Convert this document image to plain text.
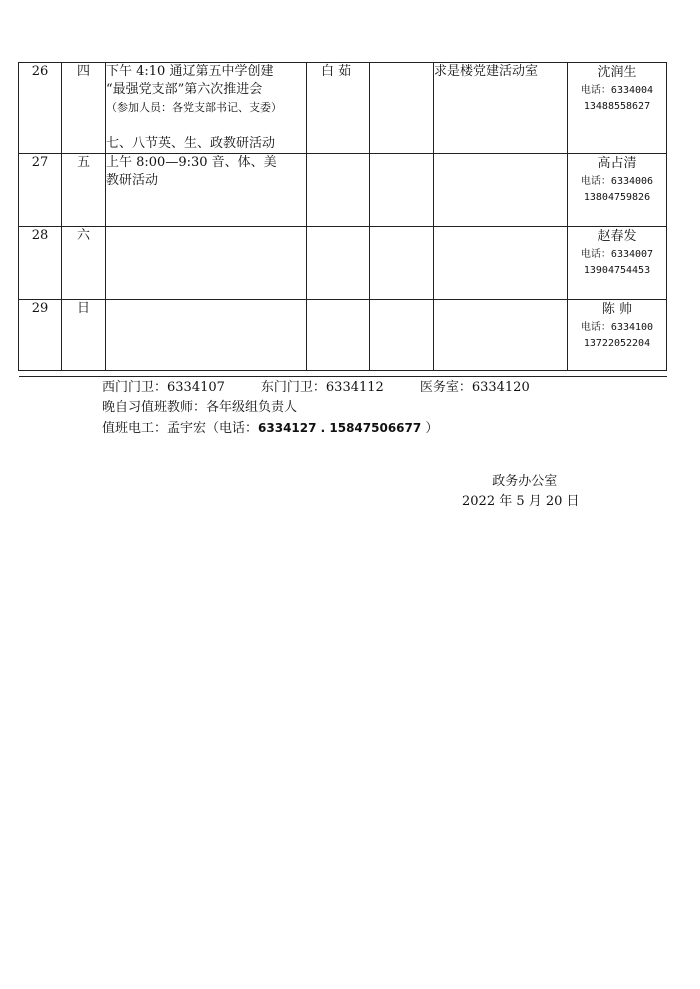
26	四	下午 4:10 通辽第五中学创建
“最强党支部”第六次推进会
（参加人员：各党支部书记、支委）
七、八节英、生、政教研活动	白 茹		求是楼党建活动室	沈润生
电话：6334004
13488558627

27	五	上午 8:00—9:30 音、体、美
教研活动				高占清
电话：6334006
13804759826

28	六					赵春发
电话：6334007
13904754453

29	日					陈 帅
电话：6334100
13722052204

西门门卫：6334107	东门门卫：6334112	医务室：6334120
晚自习值班教师：各年级组负责人
值班电工：孟宇宏（电话：6334127 . 15847506677 ）
政务办公室
2022 年 5 月 20 日
